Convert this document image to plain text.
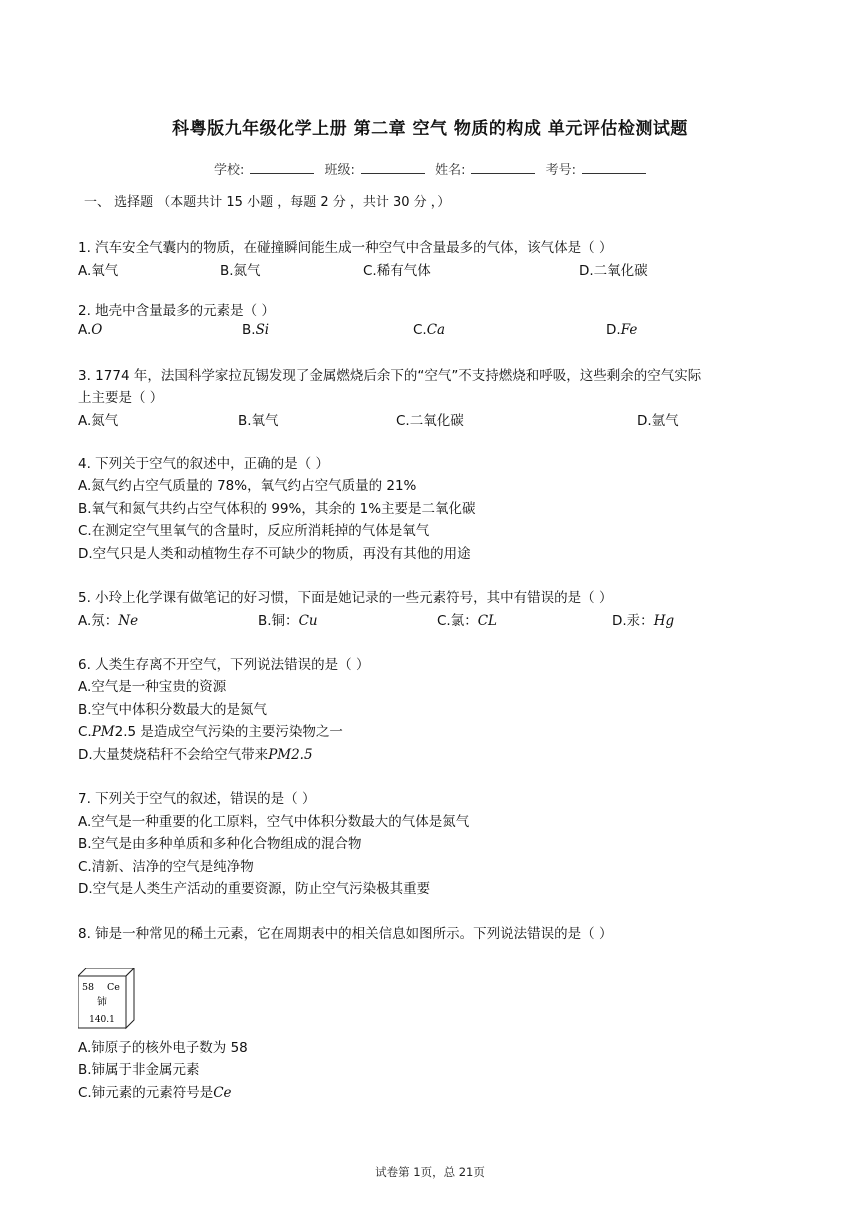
科粤版九年级化学上册 第二章 空气 物质的构成 单元评估检测试题
学校:	班级:	姓名:	考号:
一、 选择题 （本题共计 15 小题 ，每题 2 分 ，共计 30 分 ，）
1. 汽车安全气囊内的物质，在碰撞瞬间能生成一种空气中含量最多的气体，该气体是（ ）
A.氧气	B.氮气	C.稀有气体	D.二氧化碳
2. 地壳中含量最多的元素是（ ）
A.O	B.Si	C.Ca	D.Fe
3. 1774 年，法国科学家拉瓦锡发现了金属燃烧后余下的“空气”不支持燃烧和呼吸，这些剩余的空气实际
上主要是（ ）
A.氮气	B.氧气	C.二氧化碳	D.氩气
4. 下列关于空气的叙述中，正确的是（ ）
A.氮气约占空气质量的 78%，氧气约占空气质量的 21%
B.氧气和氮气共约占空气体积的 99%，其余的 1%主要是二氧化碳
C.在测定空气里氧气的含量时，反应所消耗掉的气体是氧气
D.空气只是人类和动植物生存不可缺少的物质，再没有其他的用途
5. 小玲上化学课有做笔记的好习惯，下面是她记录的一些元素符号，其中有错误的是（ ）
A.氖：Ne	B.铜：Cu	C.氯：CL	D.汞：Hg
6. 人类生存离不开空气，下列说法错误的是（ ）
A.空气是一种宝贵的资源
B.空气中体积分数最大的是氮气
C.PM2.5 是造成空气污染的主要污染物之一
D.大量焚烧秸秆不会给空气带来PM2.5
7. 下列关于空气的叙述，错误的是（ ）
A.空气是一种重要的化工原料，空气中体积分数最大的气体是氮气
B.空气是由多种单质和多种化合物组成的混合物
C.清新、洁净的空气是纯净物
D.空气是人类生产活动的重要资源，防止空气污染极其重要
8. 铈是一种常见的稀土元素，它在周期表中的相关信息如图所示。下列说法错误的是（ ）
58 Ce
铈
140.1
A.铈原子的核外电子数为 58
B.铈属于非金属元素
C.铈元素的元素符号是Ce
试卷第 1页，总 21页
